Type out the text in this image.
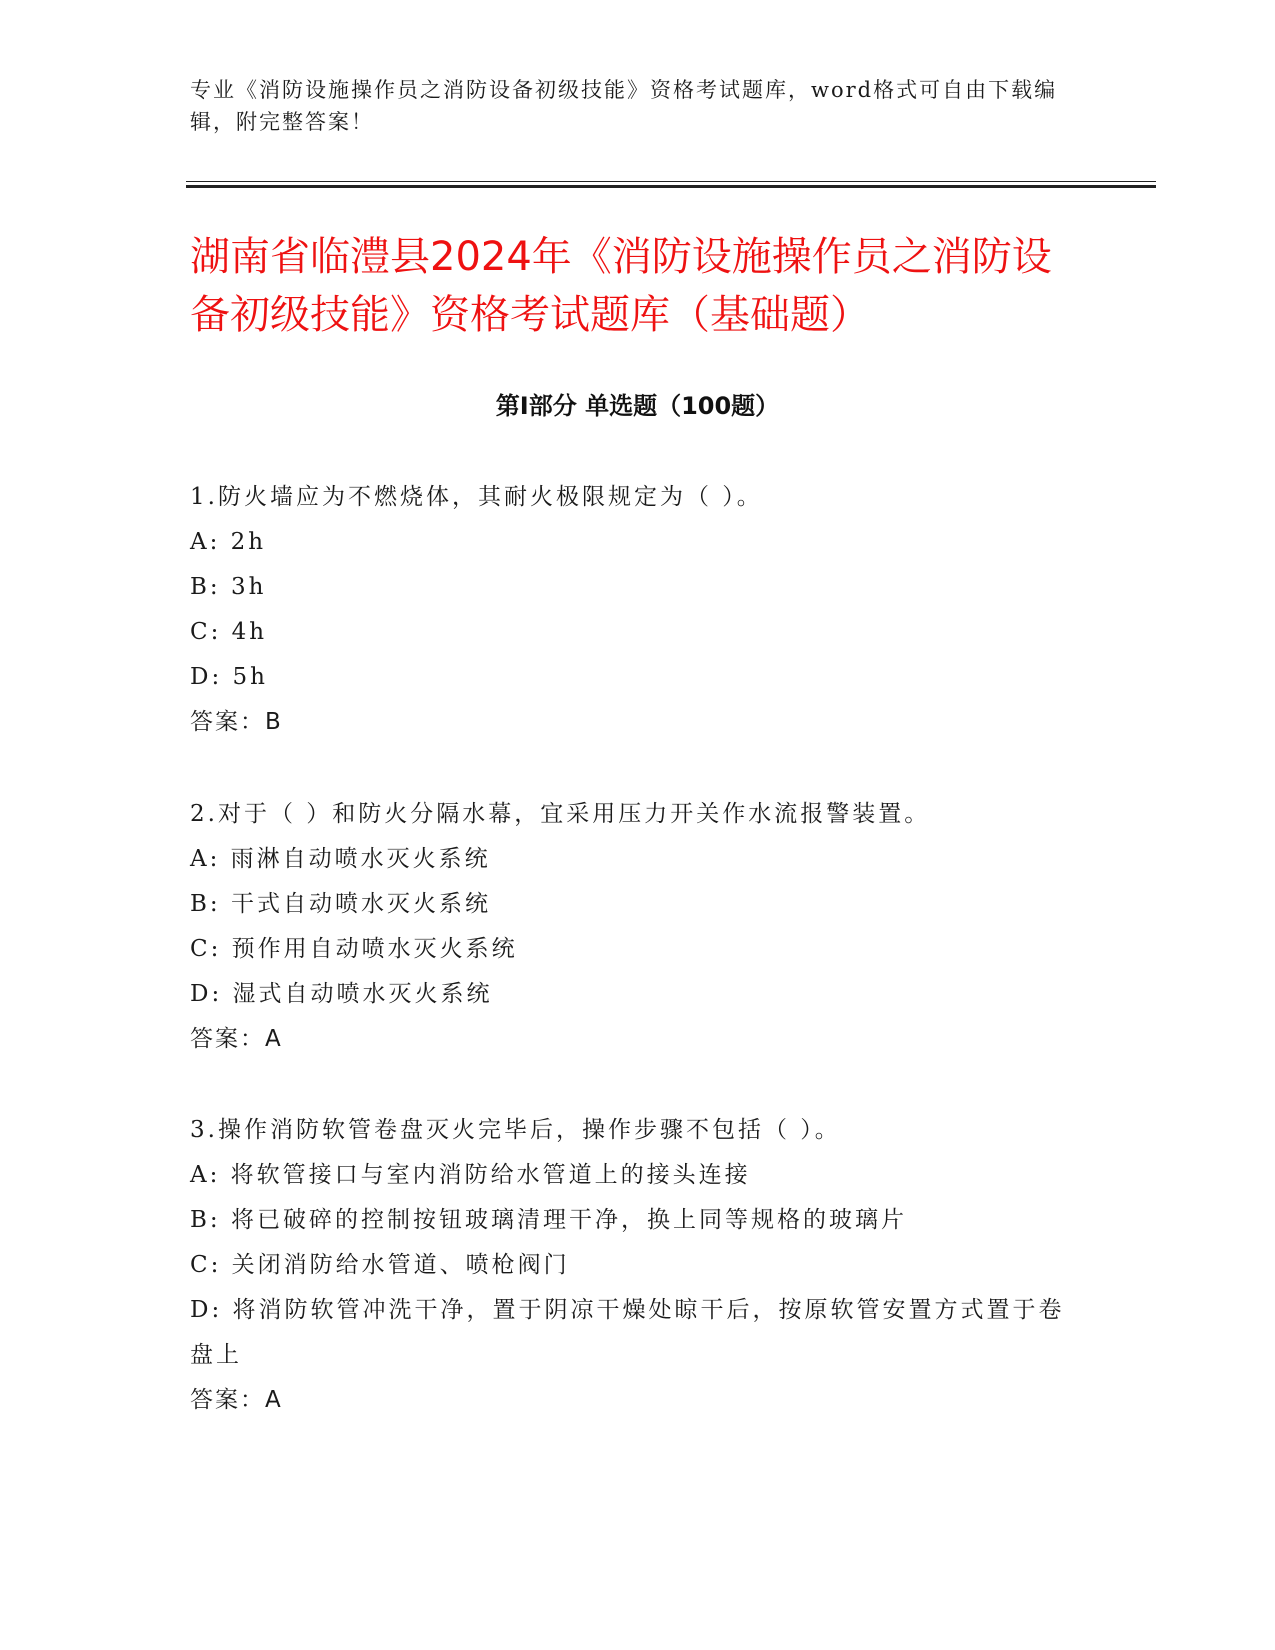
专业《消防设施操作员之消防设备初级技能》资格考试题库，word格式可自由下载编辑，附完整答案！
湖南省临澧县2024年《消防设施操作员之消防设备初级技能》资格考试题库（基础题）
第I部分 单选题（100题）

1.防火墙应为不燃烧体，其耐火极限规定为（ ）。

A: 2h

B: 3h

C: 4h

D: 5h

答案：B

2.对于（ ）和防火分隔水幕，宜采用压力开关作水流报警装置。

A: 雨淋自动喷水灭火系统

B: 干式自动喷水灭火系统

C: 预作用自动喷水灭火系统

D: 湿式自动喷水灭火系统

答案：A

3.操作消防软管卷盘灭火完毕后，操作步骤不包括（ ）。

A: 将软管接口与室内消防给水管道上的接头连接

B: 将已破碎的控制按钮玻璃清理干净，换上同等规格的玻璃片

C: 关闭消防给水管道、喷枪阀门

D: 将消防软管冲洗干净，置于阴凉干燥处晾干后，按原软管安置方式置于卷盘上

答案：A
